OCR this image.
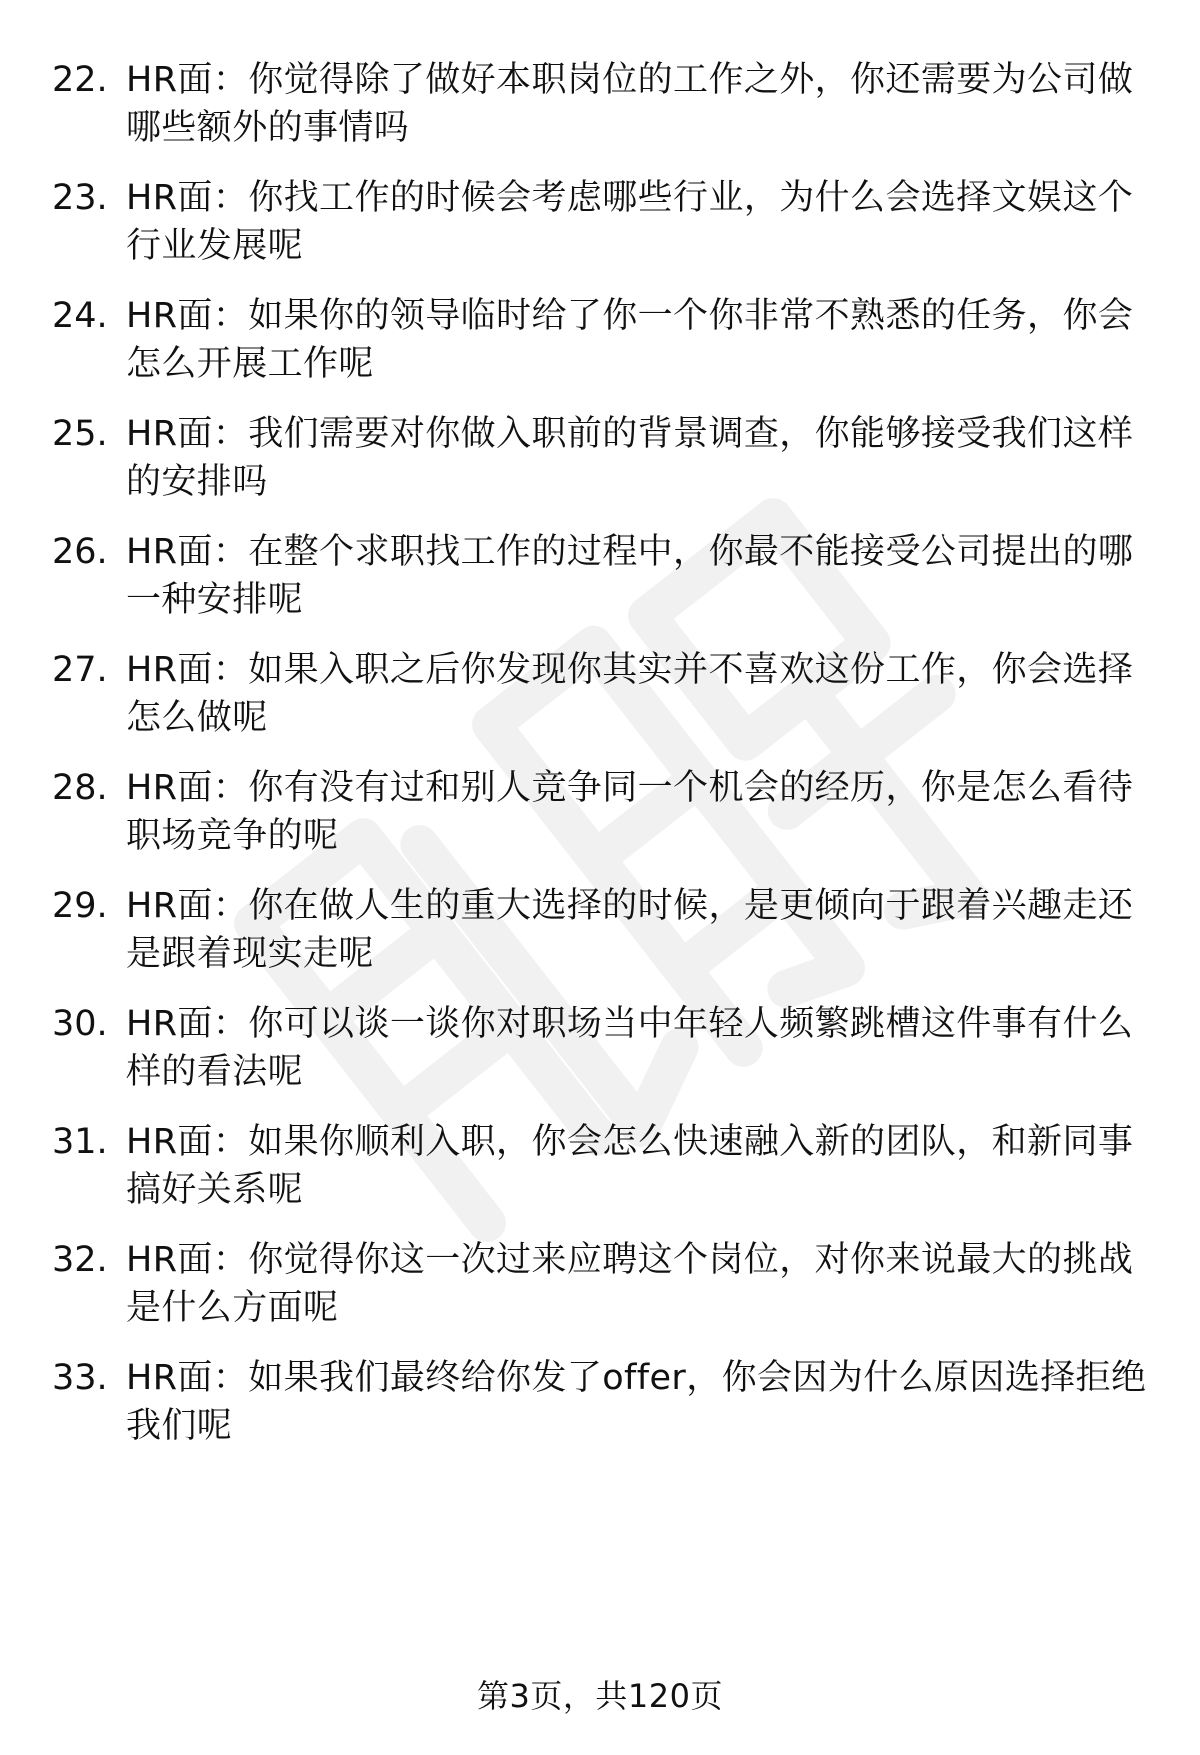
22. HR面：你觉得除了做好本职岗位的工作之外，你还需要为公司做哪些额外的事情吗
23. HR面：你找工作的时候会考虑哪些行业，为什么会选择文娱这个行业发展呢
24. HR面：如果你的领导临时给了你一个你非常不熟悉的任务，你会怎么开展工作呢
25. HR面：我们需要对你做入职前的背景调查，你能够接受我们这样的安排吗
26. HR面：在整个求职找工作的过程中，你最不能接受公司提出的哪一种安排呢
27. HR面：如果入职之后你发现你其实并不喜欢这份工作，你会选择怎么做呢
28. HR面：你有没有过和别人竞争同一个机会的经历，你是怎么看待职场竞争的呢
29. HR面：你在做人生的重大选择的时候，是更倾向于跟着兴趣走还是跟着现实走呢
30. HR面：你可以谈一谈你对职场当中年轻人频繁跳槽这件事有什么样的看法呢
31. HR面：如果你顺利入职，你会怎么快速融入新的团队，和新同事搞好关系呢
32. HR面：你觉得你这一次过来应聘这个岗位，对你来说最大的挑战是什么方面呢
33. HR面：如果我们最终给你发了offer，你会因为什么原因选择拒绝我们呢
第3页，共120页
